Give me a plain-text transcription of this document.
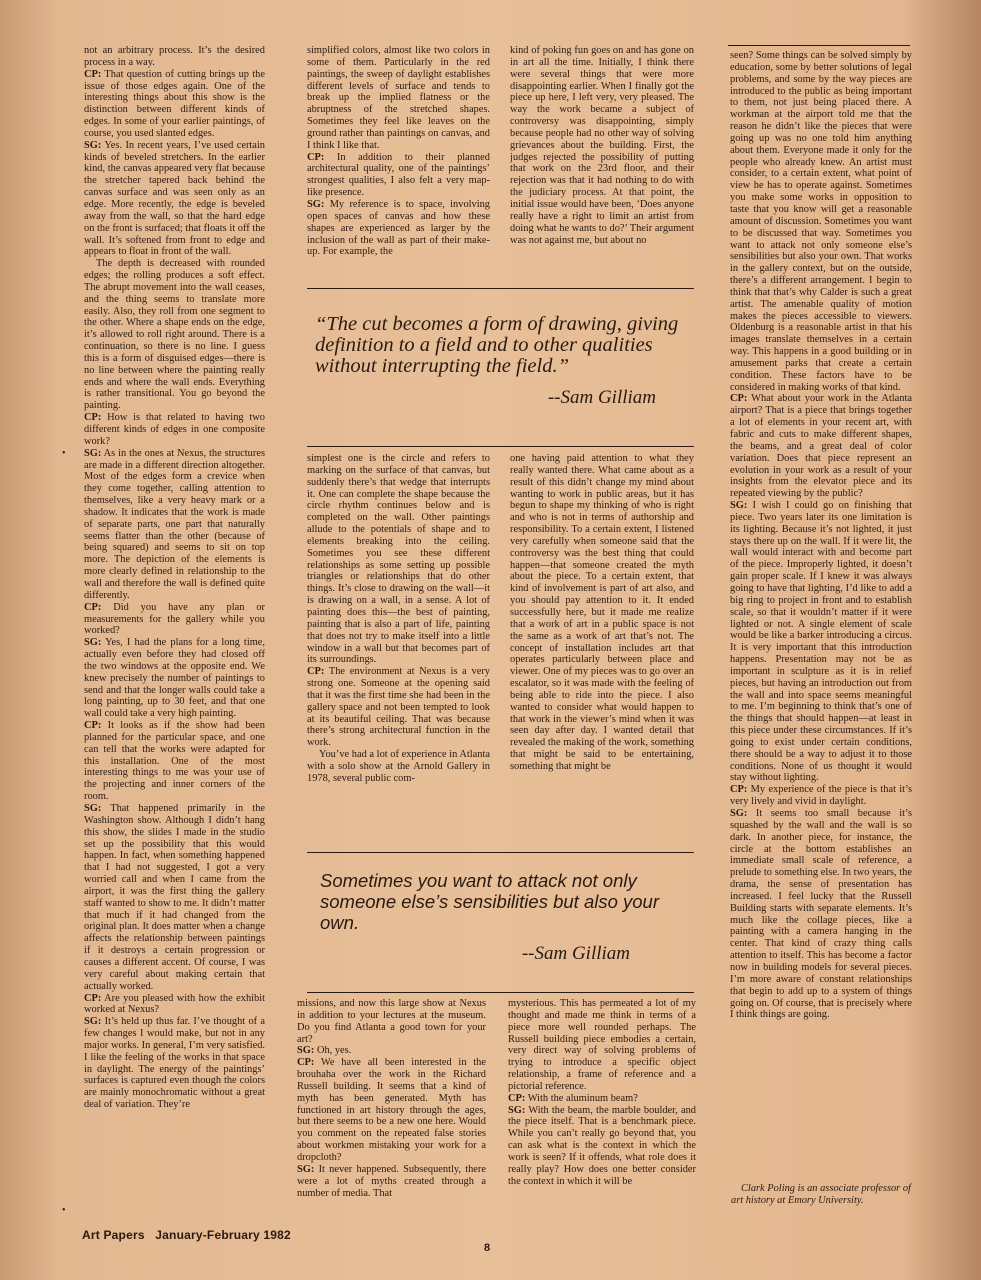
not an arbitrary process. It’s the desired process in a way.

CP: That question of cutting brings up the issue of those edges again. One of the interesting things about this show is the distinction between different kinds of edges. In some of your earlier paintings, of course, you used slanted edges.

SG: Yes. In recent years, I’ve used certain kinds of beveled stretchers. In the earlier kind, the canvas appeared very flat because the stretcher tapered back behind the canvas surface and was seen only as an edge. More recently, the edge is beveled away from the wall, so that the hard edge on the front is surfaced; that floats it off the wall. It’s softened from front to edge and appears to float in front of the wall.

The depth is decreased with rounded edges; the rolling produces a soft effect. The abrupt movement into the wall ceases, and the thing seems to translate more easily. Also, they roll from one segment to the other. Where a shape ends on the edge, it’s allowed to roll right around. There is a continuation, so there is no line. I guess this is a form of disguised edges—there is no line between where the painting really ends and where the wall ends. Everything is rather transitional. You go beyond the painting.

CP: How is that related to having two different kinds of edges in one composite work?

SG: As in the ones at Nexus, the structures are made in a different direction altogether. Most of the edges form a crevice when they come together, calling attention to themselves, like a very heavy mark or a shadow. It indicates that the work is made of separate parts, one part that naturally seems flatter than the other (because of being squared) and seems to sit on top more. The depiction of the elements is more clearly defined in relationship to the wall and therefore the wall is defined quite differently.

CP: Did you have any plan or measurements for the gallery while you worked?

SG: Yes, I had the plans for a long time, actually even before they had closed off the two windows at the opposite end. We knew precisely the number of paintings to send and that the longer walls could take a long painting, up to 30 feet, and that one wall could take a very high painting.

CP: It looks as if the show had been planned for the particular space, and one can tell that the works were adapted for this installation. One of the most interesting things to me was your use of the projecting and inner corners of the room.

SG: That happened primarily in the Washington show. Although I didn’t hang this show, the slides I made in the studio set up the possibility that this would happen. In fact, when something happened that I had not suggested, I got a very worried call and when I came from the airport, it was the first thing the gallery staff wanted to show to me. It didn’t matter that much if it had changed from the original plan. It does matter when a change affects the relationship between paintings if it destroys a certain progression or causes a different accent. Of course, I was very careful about making certain that actually worked.

CP: Are you pleased with how the exhibit worked at Nexus?

SG: It’s held up thus far. I’ve thought of a few changes I would make, but not in any major works. In general, I’m very satisfied. I like the feeling of the works in that space in daylight. The energy of the paintings’ surfaces is captured even though the colors are mainly monochromatic without a great deal of variation. They’re

simplified colors, almost like two colors in some of them. Particularly in the red paintings, the sweep of daylight establishes different levels of surface and tends to break up the implied flatness or the abruptness of the stretched shapes. Sometimes they feel like leaves on the ground rather than paintings on canvas, and I think I like that.

CP: In addition to their planned architectural quality, one of the paintings’ strongest qualities, I also felt a very map-like presence.

SG: My reference is to space, involving open spaces of canvas and how these shapes are experienced as larger by the inclusion of the wall as part of their make-up. For example, the

kind of poking fun goes on and has gone on in art all the time. Initially, I think there were several things that were more disappointing earlier. When I finally got the piece up here, I left very, very pleased. The way the work became a subject of controversy was disappointing, simply because people had no other way of solving grievances about the building. First, the judges rejected the possibility of putting that work on the 23rd floor, and their rejection was that it had nothing to do with the judiciary process. At that point, the initial issue would have been, ‘Does anyone really have a right to limit an artist from doing what he wants to do?’ Their argument was not against me, but about no

seen? Some things can be solved simply by education, some by better solutions of legal problems, and some by the way pieces are introduced to the public as being important to them, not just being placed there. A workman at the airport told me that the reason he didn’t like the pieces that were going up was no one told him anything about them. Everyone made it only for the people who already knew. An artist must consider, to a certain extent, what point of view he has to operate against. Sometimes you make some works in opposition to taste that you know will get a reasonable amount of discussion. Sometimes you want to be discussed that way. Sometimes you want to attack not only someone else’s sensibilities but also your own. That works in the gallery context, but on the outside, there’s a different arrangement. I begin to think that that’s why Calder is such a great artist. The amenable quality of motion makes the pieces accessible to viewers. Oldenburg is a reasonable artist in that his images translate themselves in a certain way. This happens in a good building or in amusement parks that create a certain condition. These factors have to be considered in making works of that kind.

CP: What about your work in the Atlanta airport? That is a piece that brings together a lot of elements in your recent art, with fabric and cuts to make different shapes, the beams, and a great deal of color variation. Does that piece represent an evolution in your work as a result of your insights from the elevator piece and its repeated viewing by the public?

SG: I wish I could go on finishing that piece. Two years later its one limitation is its lighting. Because it’s not lighted, it just stays there up on the wall. If it were lit, the wall would interact with and become part of the piece. Improperly lighted, it doesn’t gain proper scale. If I knew it was always going to have that lighting, I’d like to add a big ring to project in front and to establish scale, so that it wouldn’t matter if it were lighted or not. A single element of scale would be like a barker introducing a circus. It is very important that this introduction happens. Presentation may not be as important in sculpture as it is in relief pieces, but having an introduction out from the wall and into space seems meaningful to me. I’m beginning to think that’s one of the things that should happen—at least in this piece under these circumstances. If it’s going to exist under certain conditions, there should be a way to adjust it to those conditions. None of us thought it would stay without lighting.

CP: My experience of the piece is that it’s very lively and vivid in daylight.

SG: It seems too small because it’s squashed by the wall and the wall is so dark. In another piece, for instance, the circle at the bottom establishes an immediate small scale of reference, a prelude to something else. In two years, the drama, the sense of presentation has increased. I feel lucky that the Russell Building starts with separate elements. It’s much like the collage pieces, like a painting with a camera hanging in the center. That kind of crazy thing calls attention to itself. This has become a factor now in building models for several pieces. I’m more aware of constant relationships that begin to add up to a system of things going on. Of course, that is precisely where I think things are going.

“The cut becomes a form of drawing, giving definition to a field and to other qualities without interrupting the field.”
--Sam Gilliam

simplest one is the circle and refers to marking on the surface of that canvas, but suddenly there’s that wedge that interrupts it. One can complete the shape because the circle rhythm continues below and is completed on the wall. Other paintings allude to the potentials of shape and to elements breaking into the ceiling. Sometimes you see these different relationships as some setting up possible triangles or relationships that do other things. It’s close to drawing on the wall—it is drawing on a wall, in a sense. A lot of painting does this—the best of painting, painting that is also a part of life, painting that does not try to make itself into a little window in a wall but that becomes part of its surroundings.

CP: The environment at Nexus is a very strong one. Someone at the opening said that it was the first time she had been in the gallery space and not been tempted to look at its beautiful ceiling. That was because there’s strong architectural function in the work.

You’ve had a lot of experience in Atlanta with a solo show at the Arnold Gallery in 1978, several public com-

one having paid attention to what they really wanted there. What came about as a result of this didn’t change my mind about wanting to work in public areas, but it has begun to shape my thinking of who is right and who is not in terms of authorship and responsibility. To a certain extent, I listened very carefully when someone said that the controversy was the best thing that could happen—that someone created the myth about the piece. To a certain extent, that kind of involvement is part of art also, and you should pay attention to it. It ended successfully here, but it made me realize that a work of art in a public space is not the same as a work of art that’s not. The concept of installation includes art that operates particularly between place and viewer. One of my pieces was to go over an escalator, so it was made with the feeling of being able to ride into the piece. I also wanted to consider what would happen to that work in the viewer’s mind when it was seen day after day. I wanted detail that revealed the making of the work, something that might be said to be entertaining, something that might be

Sometimes you want to attack not only someone else’s sensibilities but also your own.
--Sam Gilliam

missions, and now this large show at Nexus in addition to your lectures at the museum. Do you find Atlanta a good town for your art?

SG: Oh, yes.

CP: We have all been interested in the brouhaha over the work in the Richard Russell building. It seems that a kind of myth has been generated. Myth has functioned in art history through the ages, but there seems to be a new one here. Would you comment on the repeated false stories about workmen mistaking your work for a dropcloth?

SG: It never happened. Subsequently, there were a lot of myths created through a number of media. That

mysterious. This has permeated a lot of my thought and made me think in terms of a piece more well rounded perhaps. The Russell building piece embodies a certain, very direct way of solving problems of trying to introduce a specific object relationship, a frame of reference and a pictorial reference.

CP: With the aluminum beam?

SG: With the beam, the marble boulder, and the piece itself. That is a benchmark piece. While you can’t really go beyond that, you can ask what is the context in which the work is seen? If it offends, what role does it really play? How does one better consider the context in which it will be

Clark Poling is an associate professor of art history at Emory University.

Art Papers   January-February 1982
8
•
•
